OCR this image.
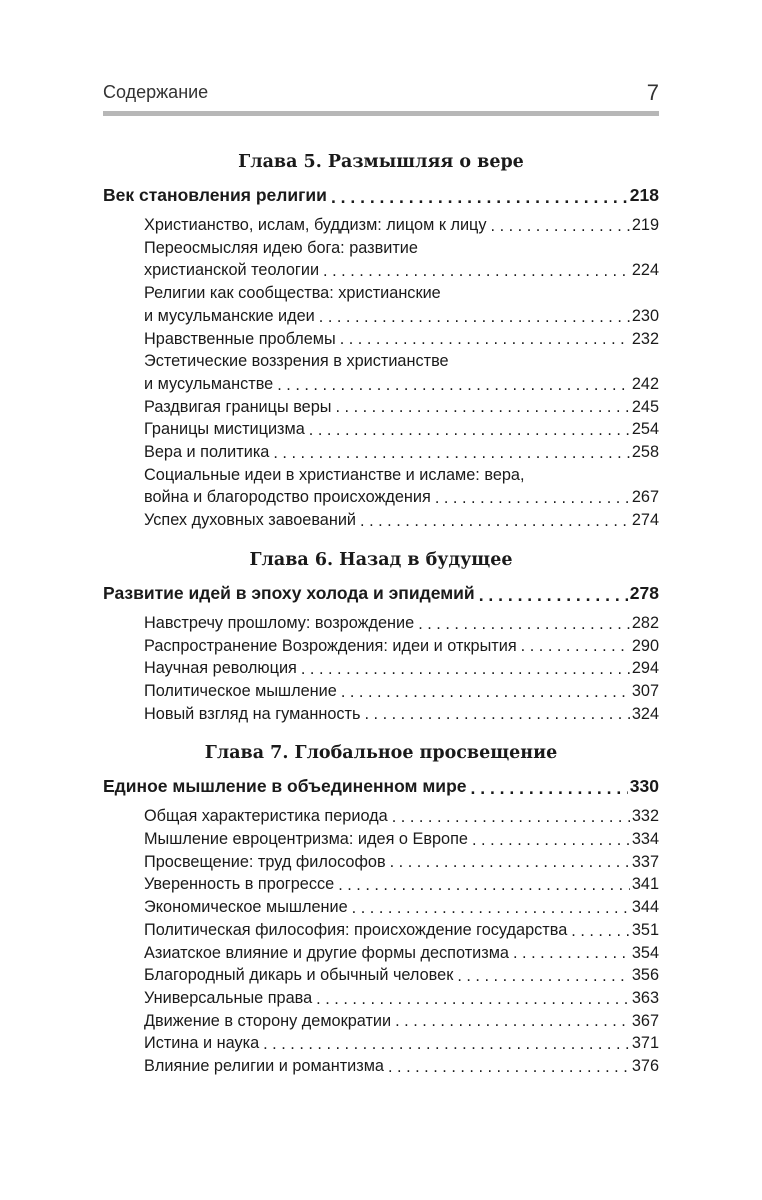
Содержание	7
Глава 5. Размышляя о вере
Век становления религии . . .	218
Христианство, ислам, буддизм: лицом к лицу . . .	219
Переосмысляя идею бога: развитие
христианской теологии . . .	224
Религии как сообщества: христианские
и мусульманские идеи . . .	230
Нравственные проблемы . . .	232
Эстетические воззрения в христианстве
и мусульманстве . . .	242
Раздвигая границы веры . . .	245
Границы мистицизма . . .	254
Вера и политика . . .	258
Социальные идеи в христианстве и исламе: вера,
война и благородство происхождения . . .	267
Успех духовных завоеваний . . .	274
Глава 6. Назад в будущее
Развитие идей в эпоху холода и эпидемий . . .	278
Навстречу прошлому: возрождение . . .	282
Распространение Возрождения: идеи и открытия . . .	290
Научная революция . . .	294
Политическое мышление . . .	307
Новый взгляд на гуманность . . .	324
Глава 7. Глобальное просвещение
Единое мышление в объединенном мире . . .	330
Общая характеристика периода . . .	332
Мышление евроцентризма: идея о Европе . . .	334
Просвещение: труд философов . . .	337
Уверенность в прогрессе . . .	341
Экономическое мышление . . .	344
Политическая философия: происхождение государства . . .	351
Азиатское влияние и другие формы деспотизма . . .	354
Благородный дикарь и обычный человек . . .	356
Универсальные права . . .	363
Движение в сторону демократии . . .	367
Истина и наука . . .	371
Влияние религии и романтизма . . .	376
